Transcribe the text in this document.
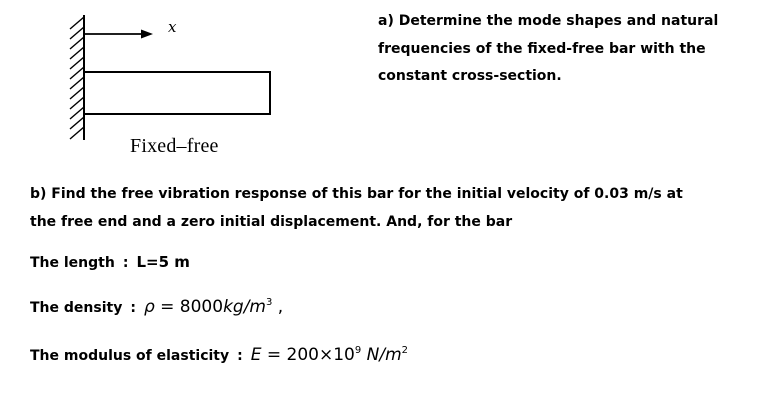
x
Fixed–free
a) Determine the mode shapes and natural
frequencies of the fixed-free bar with the
constant cross-section.
b) Find the free vibration response of this bar for the initial velocity of 0.03 m/s at
the free end and a zero initial displacement. And, for the bar
The length : L=5 m
The density : $\rho = 8000kg/m^3$ ,
The modulus of elasticity : $E = 200\times 10^9$ $N/m^2$
